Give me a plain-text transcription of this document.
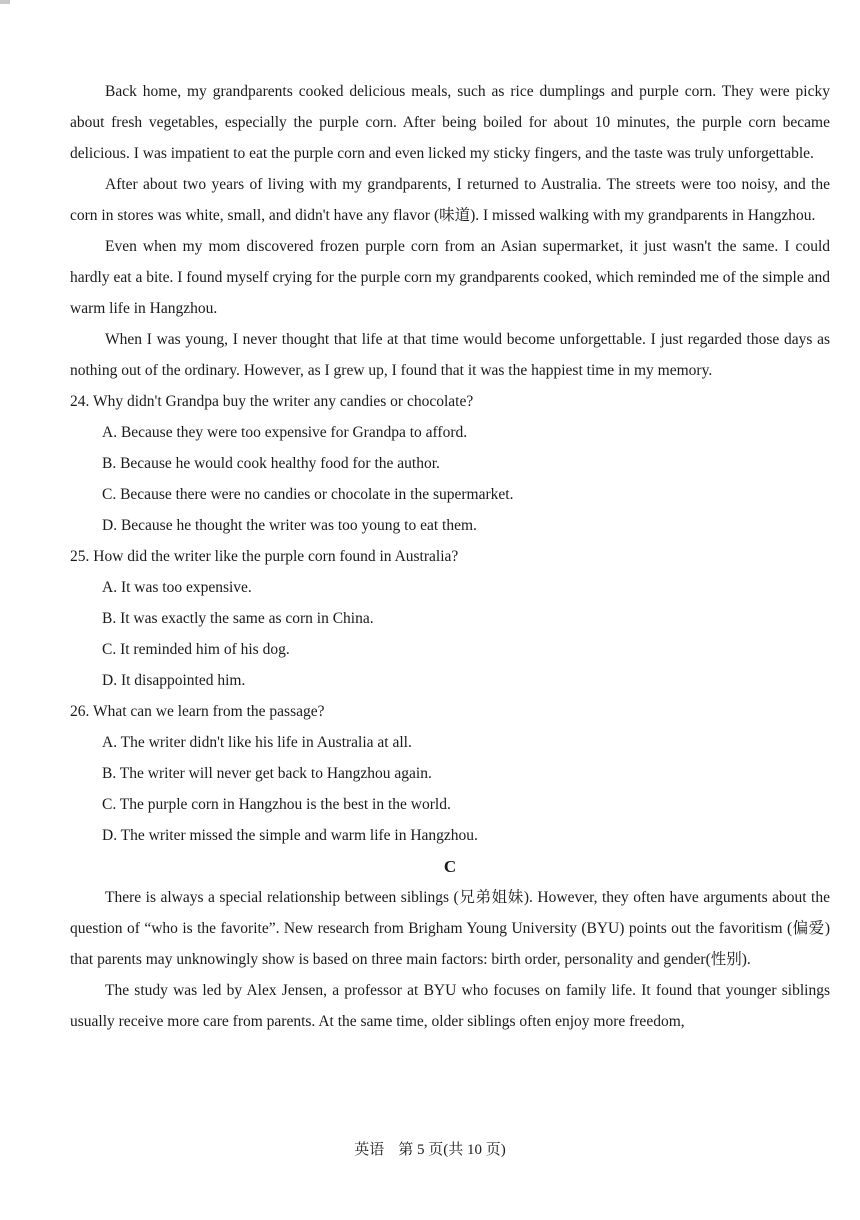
Back home, my grandparents cooked delicious meals, such as rice dumplings and purple corn. They were picky about fresh vegetables, especially the purple corn. After being boiled for about 10 minutes, the purple corn became delicious. I was impatient to eat the purple corn and even licked my sticky fingers, and the taste was truly unforgettable.

After about two years of living with my grandparents, I returned to Australia. The streets were too noisy, and the corn in stores was white, small, and didn't have any flavor (味道). I missed walking with my grandparents in Hangzhou.

Even when my mom discovered frozen purple corn from an Asian supermarket, it just wasn't the same. I could hardly eat a bite. I found myself crying for the purple corn my grandparents cooked, which reminded me of the simple and warm life in Hangzhou.

When I was young, I never thought that life at that time would become unforgettable. I just regarded those days as nothing out of the ordinary. However, as I grew up, I found that it was the happiest time in my memory.

24. Why didn't Grandpa buy the writer any candies or chocolate?

A. Because they were too expensive for Grandpa to afford.

B. Because he would cook healthy food for the author.

C. Because there were no candies or chocolate in the supermarket.

D. Because he thought the writer was too young to eat them.

25. How did the writer like the purple corn found in Australia?

A. It was too expensive.

B. It was exactly the same as corn in China.

C. It reminded him of his dog.

D. It disappointed him.

26. What can we learn from the passage?

A. The writer didn't like his life in Australia at all.

B. The writer will never get back to Hangzhou again.

C. The purple corn in Hangzhou is the best in the world.

D. The writer missed the simple and warm life in Hangzhou.

C

There is always a special relationship between siblings (兄弟姐妹). However, they often have arguments about the question of “who is the favorite”. New research from Brigham Young University (BYU) points out the favoritism (偏爱) that parents may unknowingly show is based on three main factors: birth order, personality and gender(性别).

The study was led by Alex Jensen, a professor at BYU who focuses on family life. It found that younger siblings usually receive more care from parents. At the same time, older siblings often enjoy more freedom,

英语 第 5 页(共 10 页)
